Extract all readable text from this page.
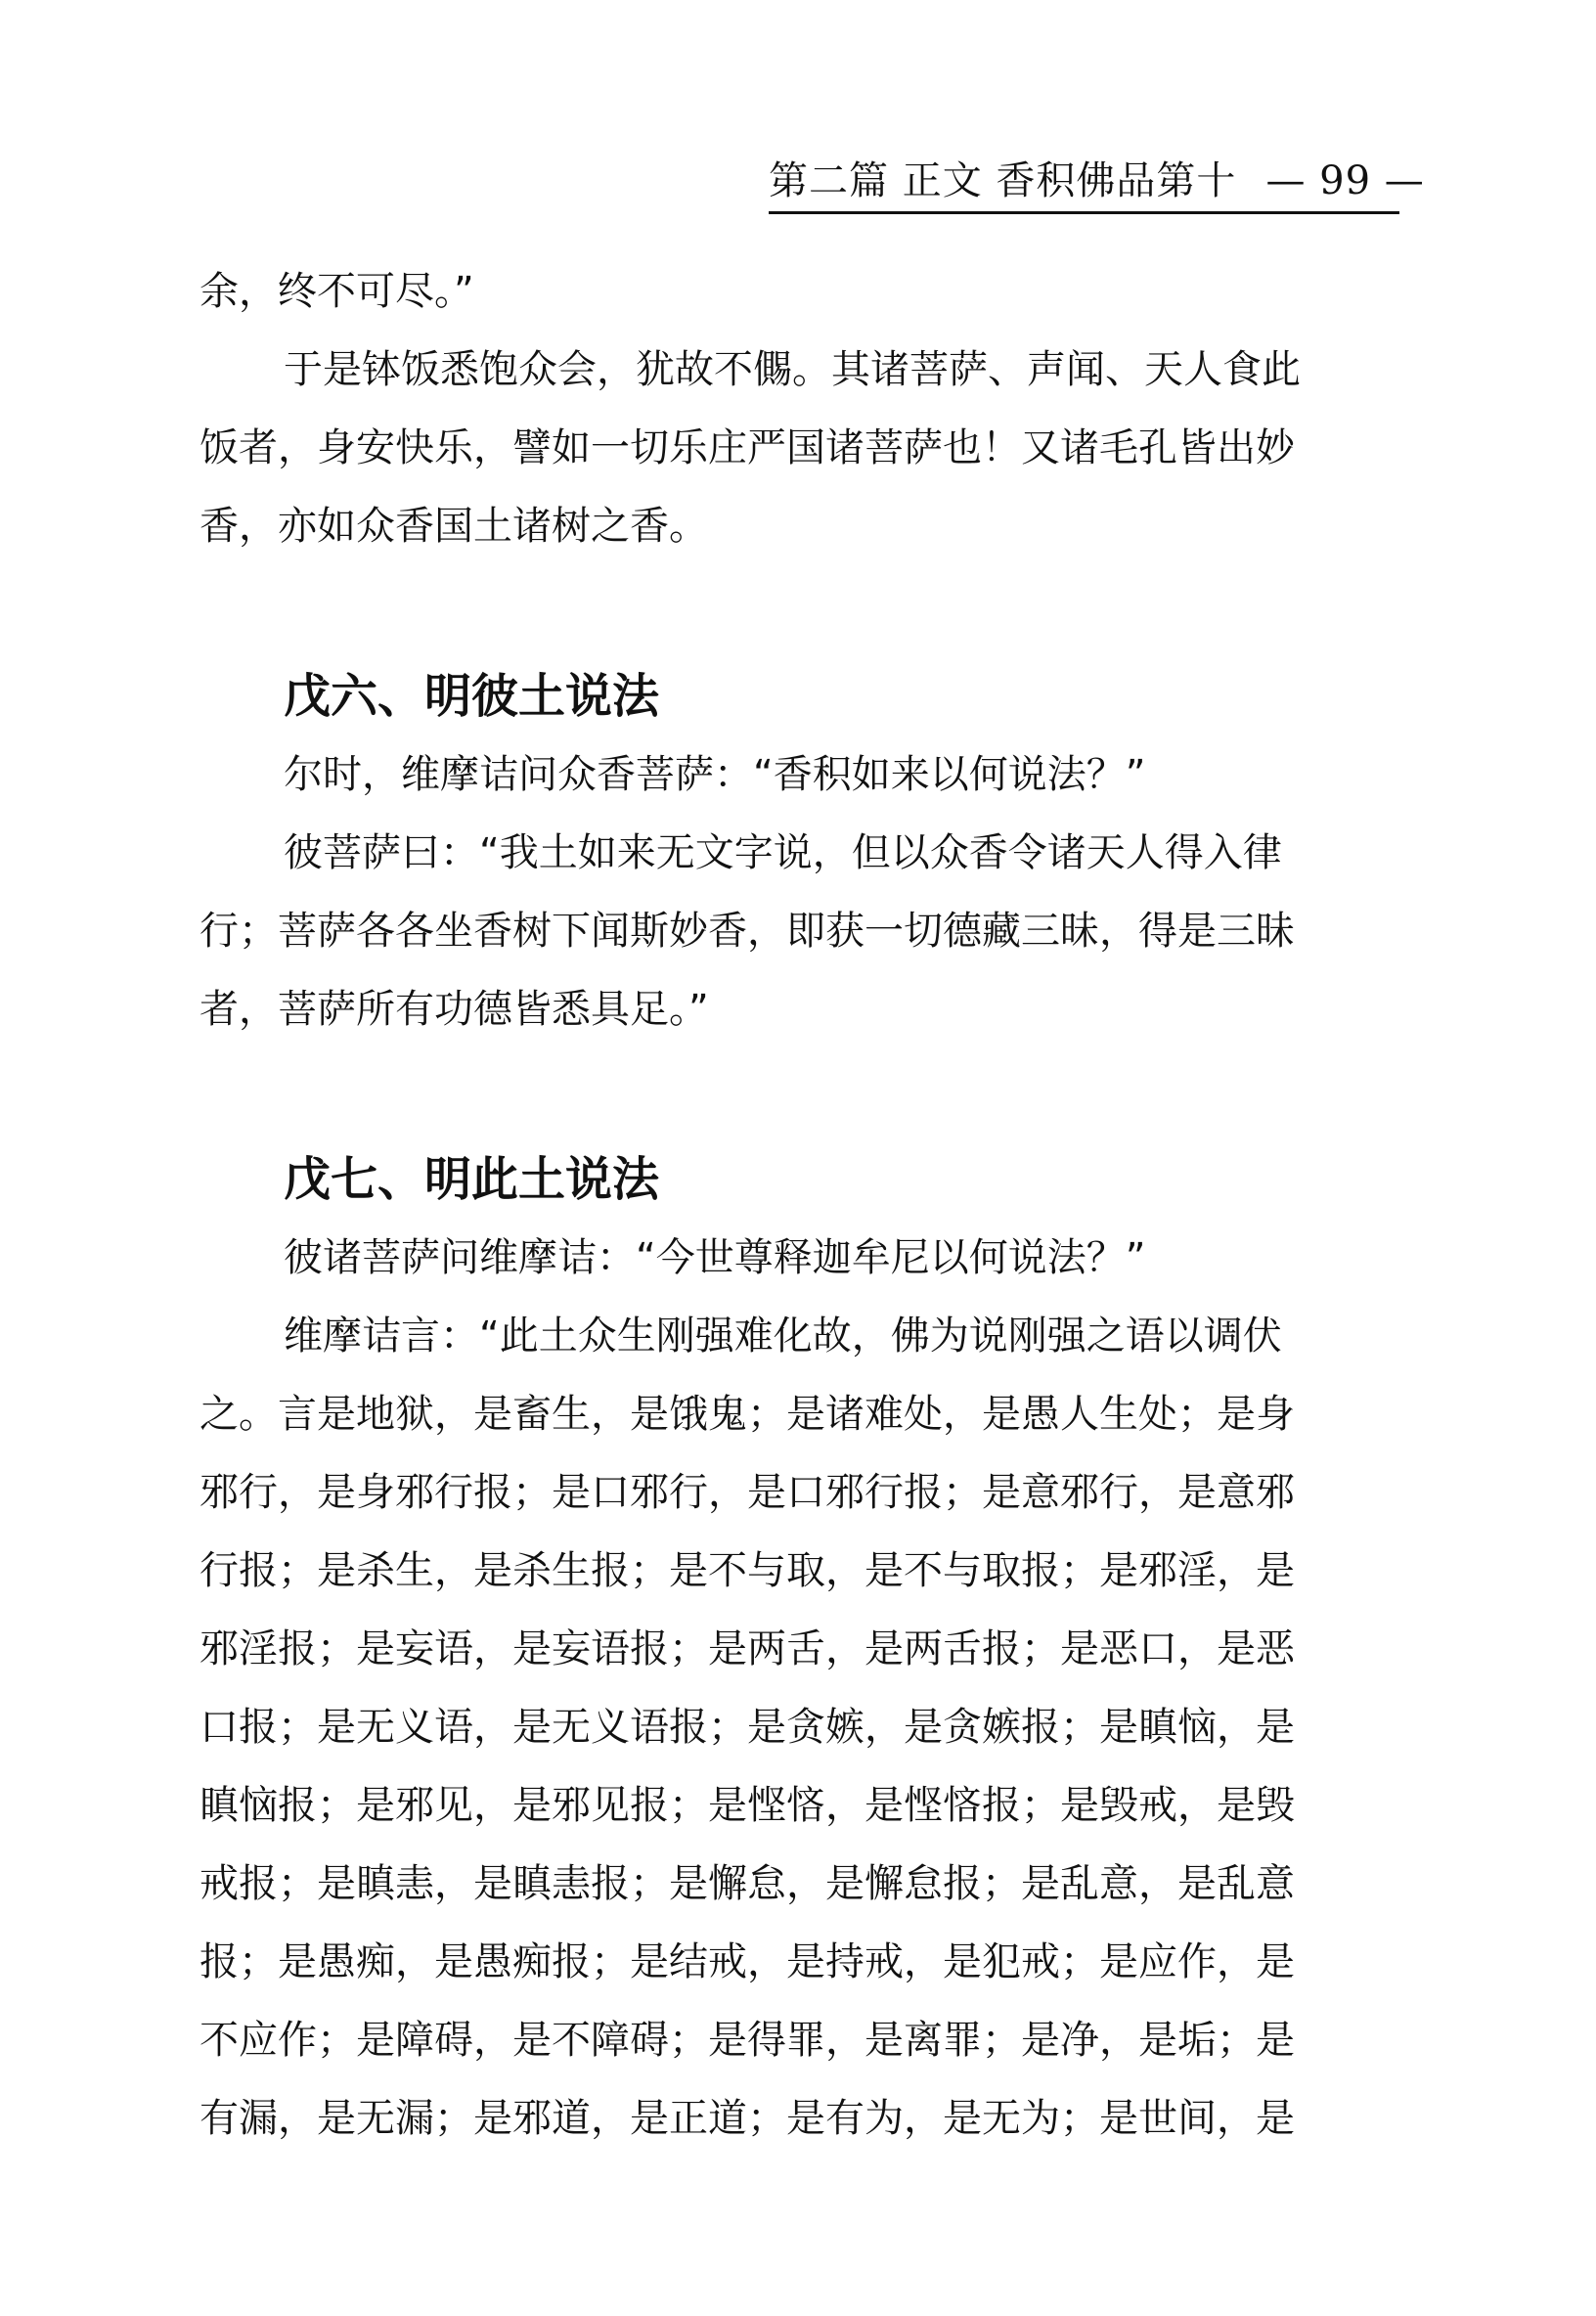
第二篇 正文 香积佛品第十 — 99 —

余，终不可尽。”

于是钵饭悉饱众会，犹故不儩。其诸菩萨、声闻、天人食此

饭者，身安快乐，譬如一切乐庄严国诸菩萨也！又诸毛孔皆出妙

香，亦如众香国土诸树之香。

戊六、明彼土说法

尔时，维摩诘问众香菩萨：“香积如来以何说法？”

彼菩萨曰：“我土如来无文字说，但以众香令诸天人得入律

行；菩萨各各坐香树下闻斯妙香，即获一切德藏三昧，得是三昧

者，菩萨所有功德皆悉具足。”

戊七、明此土说法

彼诸菩萨问维摩诘：“今世尊释迦牟尼以何说法？”

维摩诘言：“此土众生刚强难化故，佛为说刚强之语以调伏

之。言是地狱，是畜生，是饿鬼；是诸难处，是愚人生处；是身

邪行，是身邪行报；是口邪行，是口邪行报；是意邪行，是意邪

行报；是杀生，是杀生报；是不与取，是不与取报；是邪淫，是

邪淫报；是妄语，是妄语报；是两舌，是两舌报；是恶口，是恶

口报；是无义语，是无义语报；是贪嫉，是贪嫉报；是瞋恼，是

瞋恼报；是邪见，是邪见报；是悭悋，是悭悋报；是毁戒，是毁

戒报；是瞋恚，是瞋恚报；是懈怠，是懈怠报；是乱意，是乱意

报；是愚痴，是愚痴报；是结戒，是持戒，是犯戒；是应作，是

不应作；是障碍，是不障碍；是得罪，是离罪；是净，是垢；是

有漏，是无漏；是邪道，是正道；是有为，是无为；是世间，是
